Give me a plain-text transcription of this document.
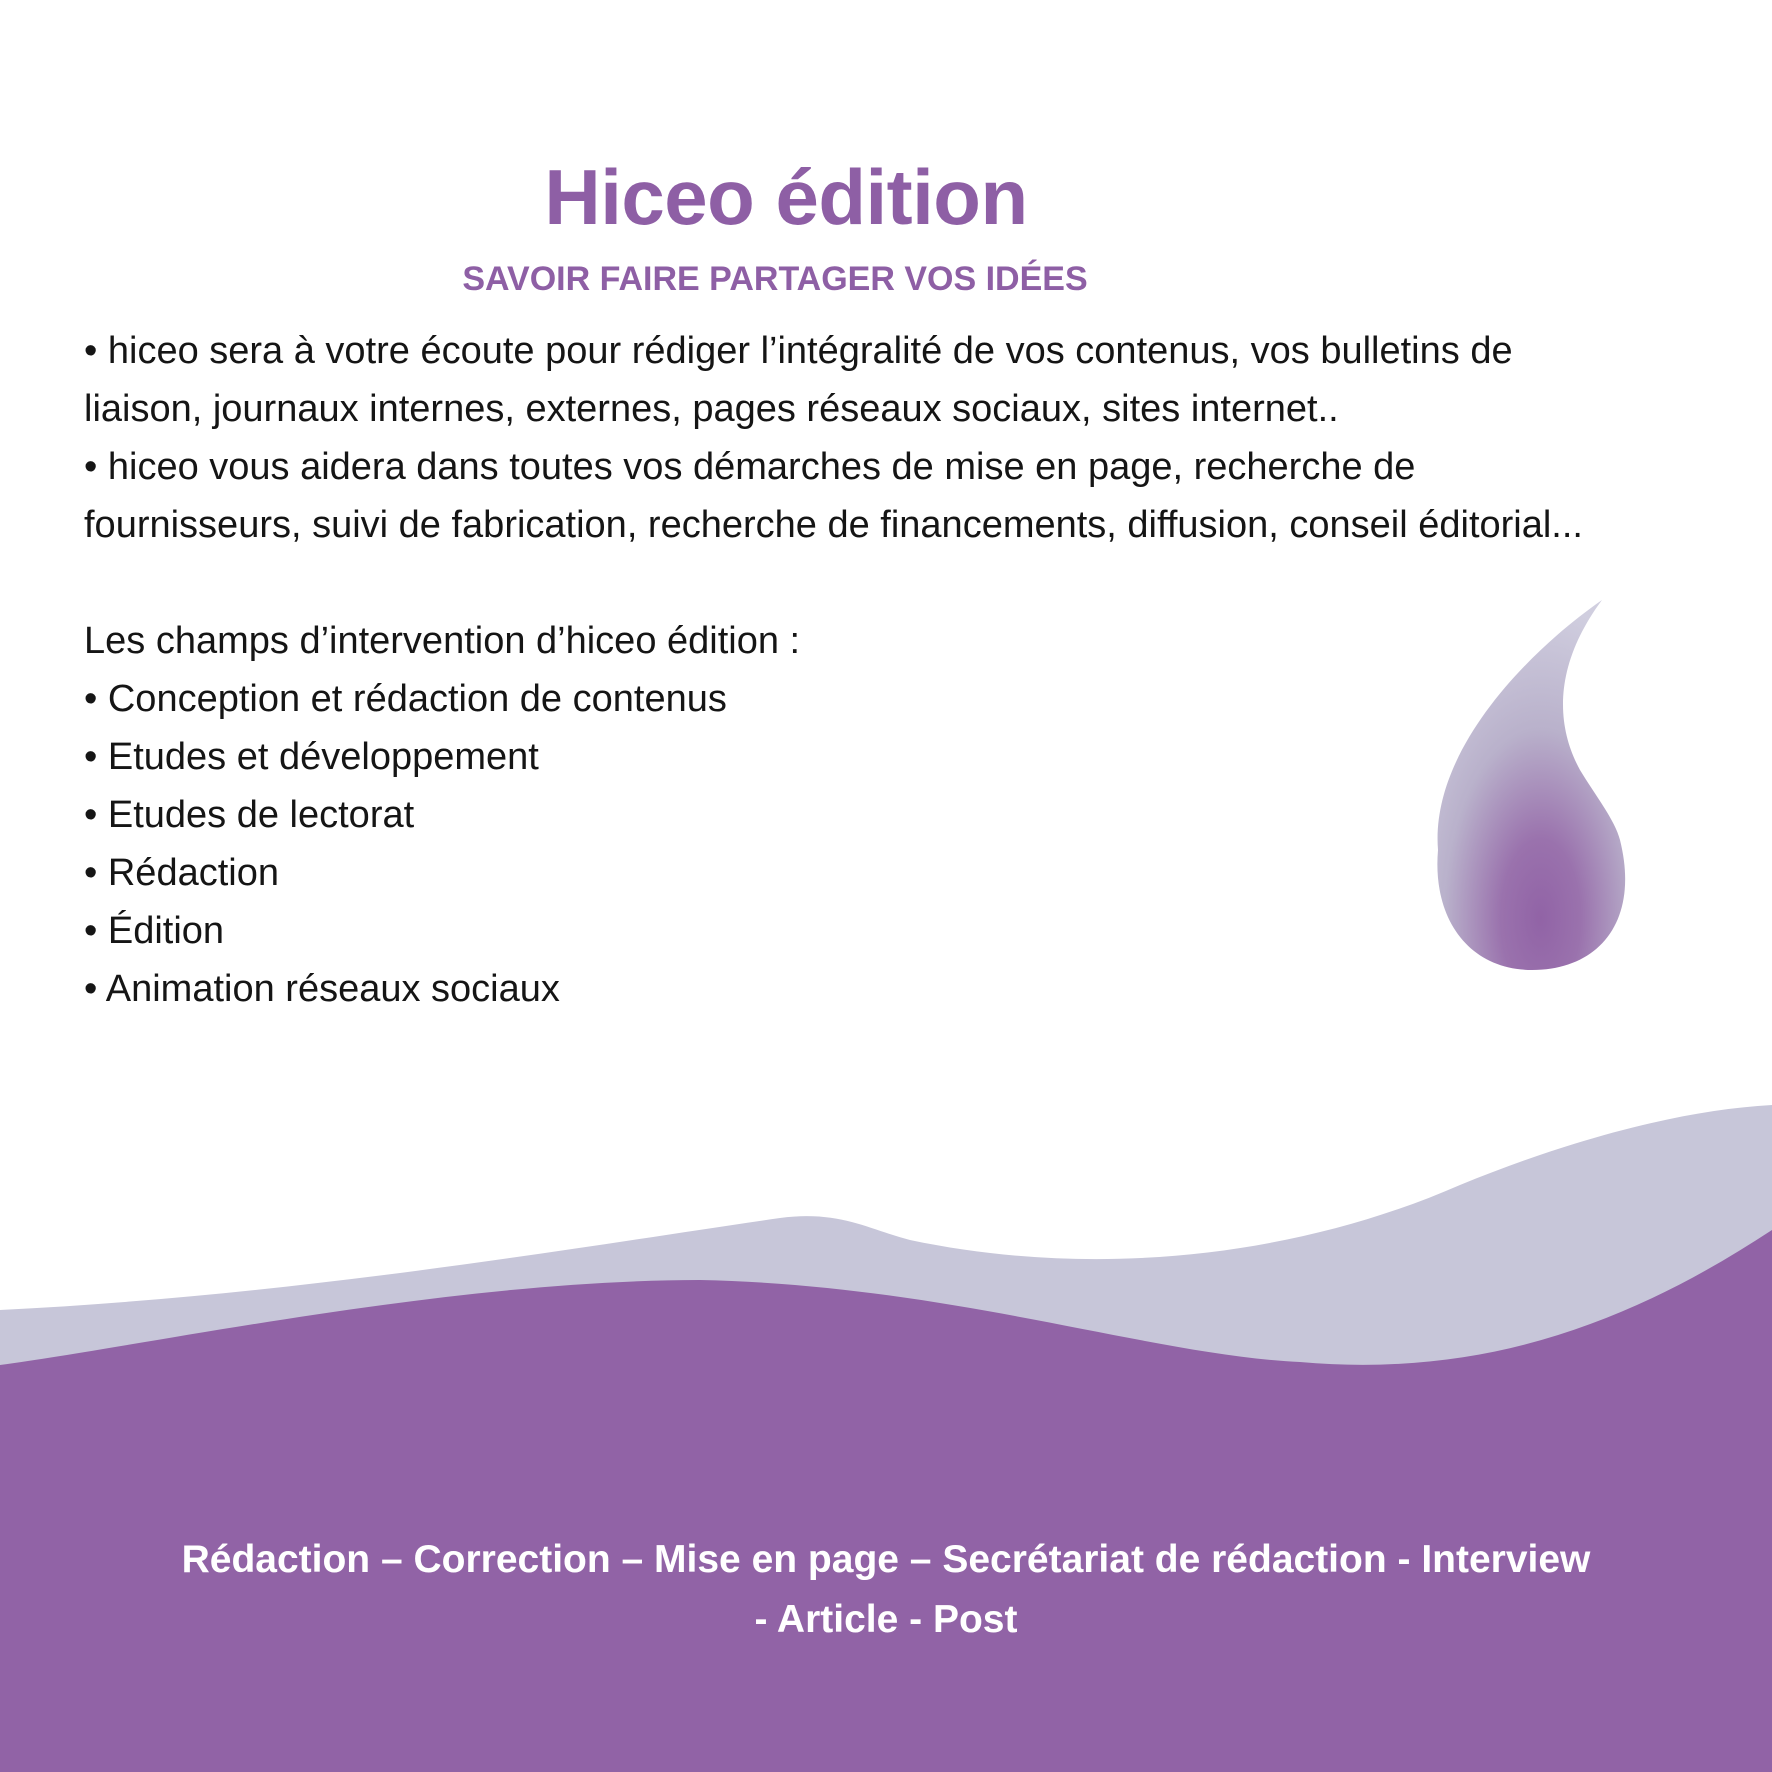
Hiceo édition
SAVOIR FAIRE PARTAGER VOS IDÉES

• hiceo sera à votre écoute pour rédiger l’intégralité de vos contenus, vos bulletins de

liaison, journaux internes, externes, pages réseaux sociaux, sites internet..

• hiceo vous aidera dans toutes vos démarches de mise en page, recherche de

fournisseurs, suivi de fabrication, recherche de financements, diffusion, conseil éditorial...

Les champs d’intervention d’hiceo édition :

• Conception et rédaction de contenus
• Etudes et développement
• Etudes de lectorat
• Rédaction
• Édition
• Animation réseaux sociaux
Rédaction – Correction – Mise en page – Secrétariat de rédaction - Interview
- Article - Post
